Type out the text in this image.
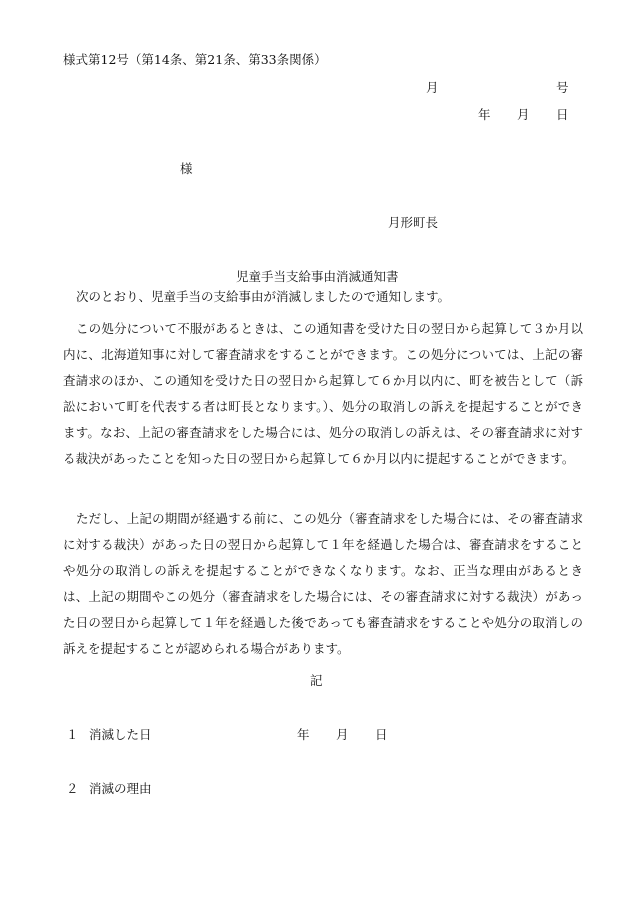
様式第12号（第14条、第21条、第33条関係）
月	号
年 月 日
様
月形町長
児童手当支給事由消滅通知書
次のとおり、児童手当の支給事由が消滅しましたので通知します。
この処分について不服があるときは、この通知書を受けた日の翌日から起算して３か月以内に、北海道知事に対して審査請求をすることができます。この処分については、上記の審査請求のほか、この通知を受けた日の翌日から起算して６か月以内に、町を被告として（訴訟において町を代表する者は町長となります。）、処分の取消しの訴えを提起することができます。なお、上記の審査請求をした場合には、処分の取消しの訴えは、その審査請求に対する裁決があったことを知った日の翌日から起算して６か月以内に提起することができます。
ただし、上記の期間が経過する前に、この処分（審査請求をした場合には、その審査請求に対する裁決）があった日の翌日から起算して１年を経過した場合は、審査請求をすることや処分の取消しの訴えを提起することができなくなります。なお、正当な理由があるときは、上記の期間やこの処分（審査請求をした場合には、その審査請求に対する裁決）があった日の翌日から起算して１年を経過した後であっても審査請求をすることや処分の取消しの訴えを提起することが認められる場合があります。
記
１ 消滅した日	年 月 日
２ 消滅の理由
